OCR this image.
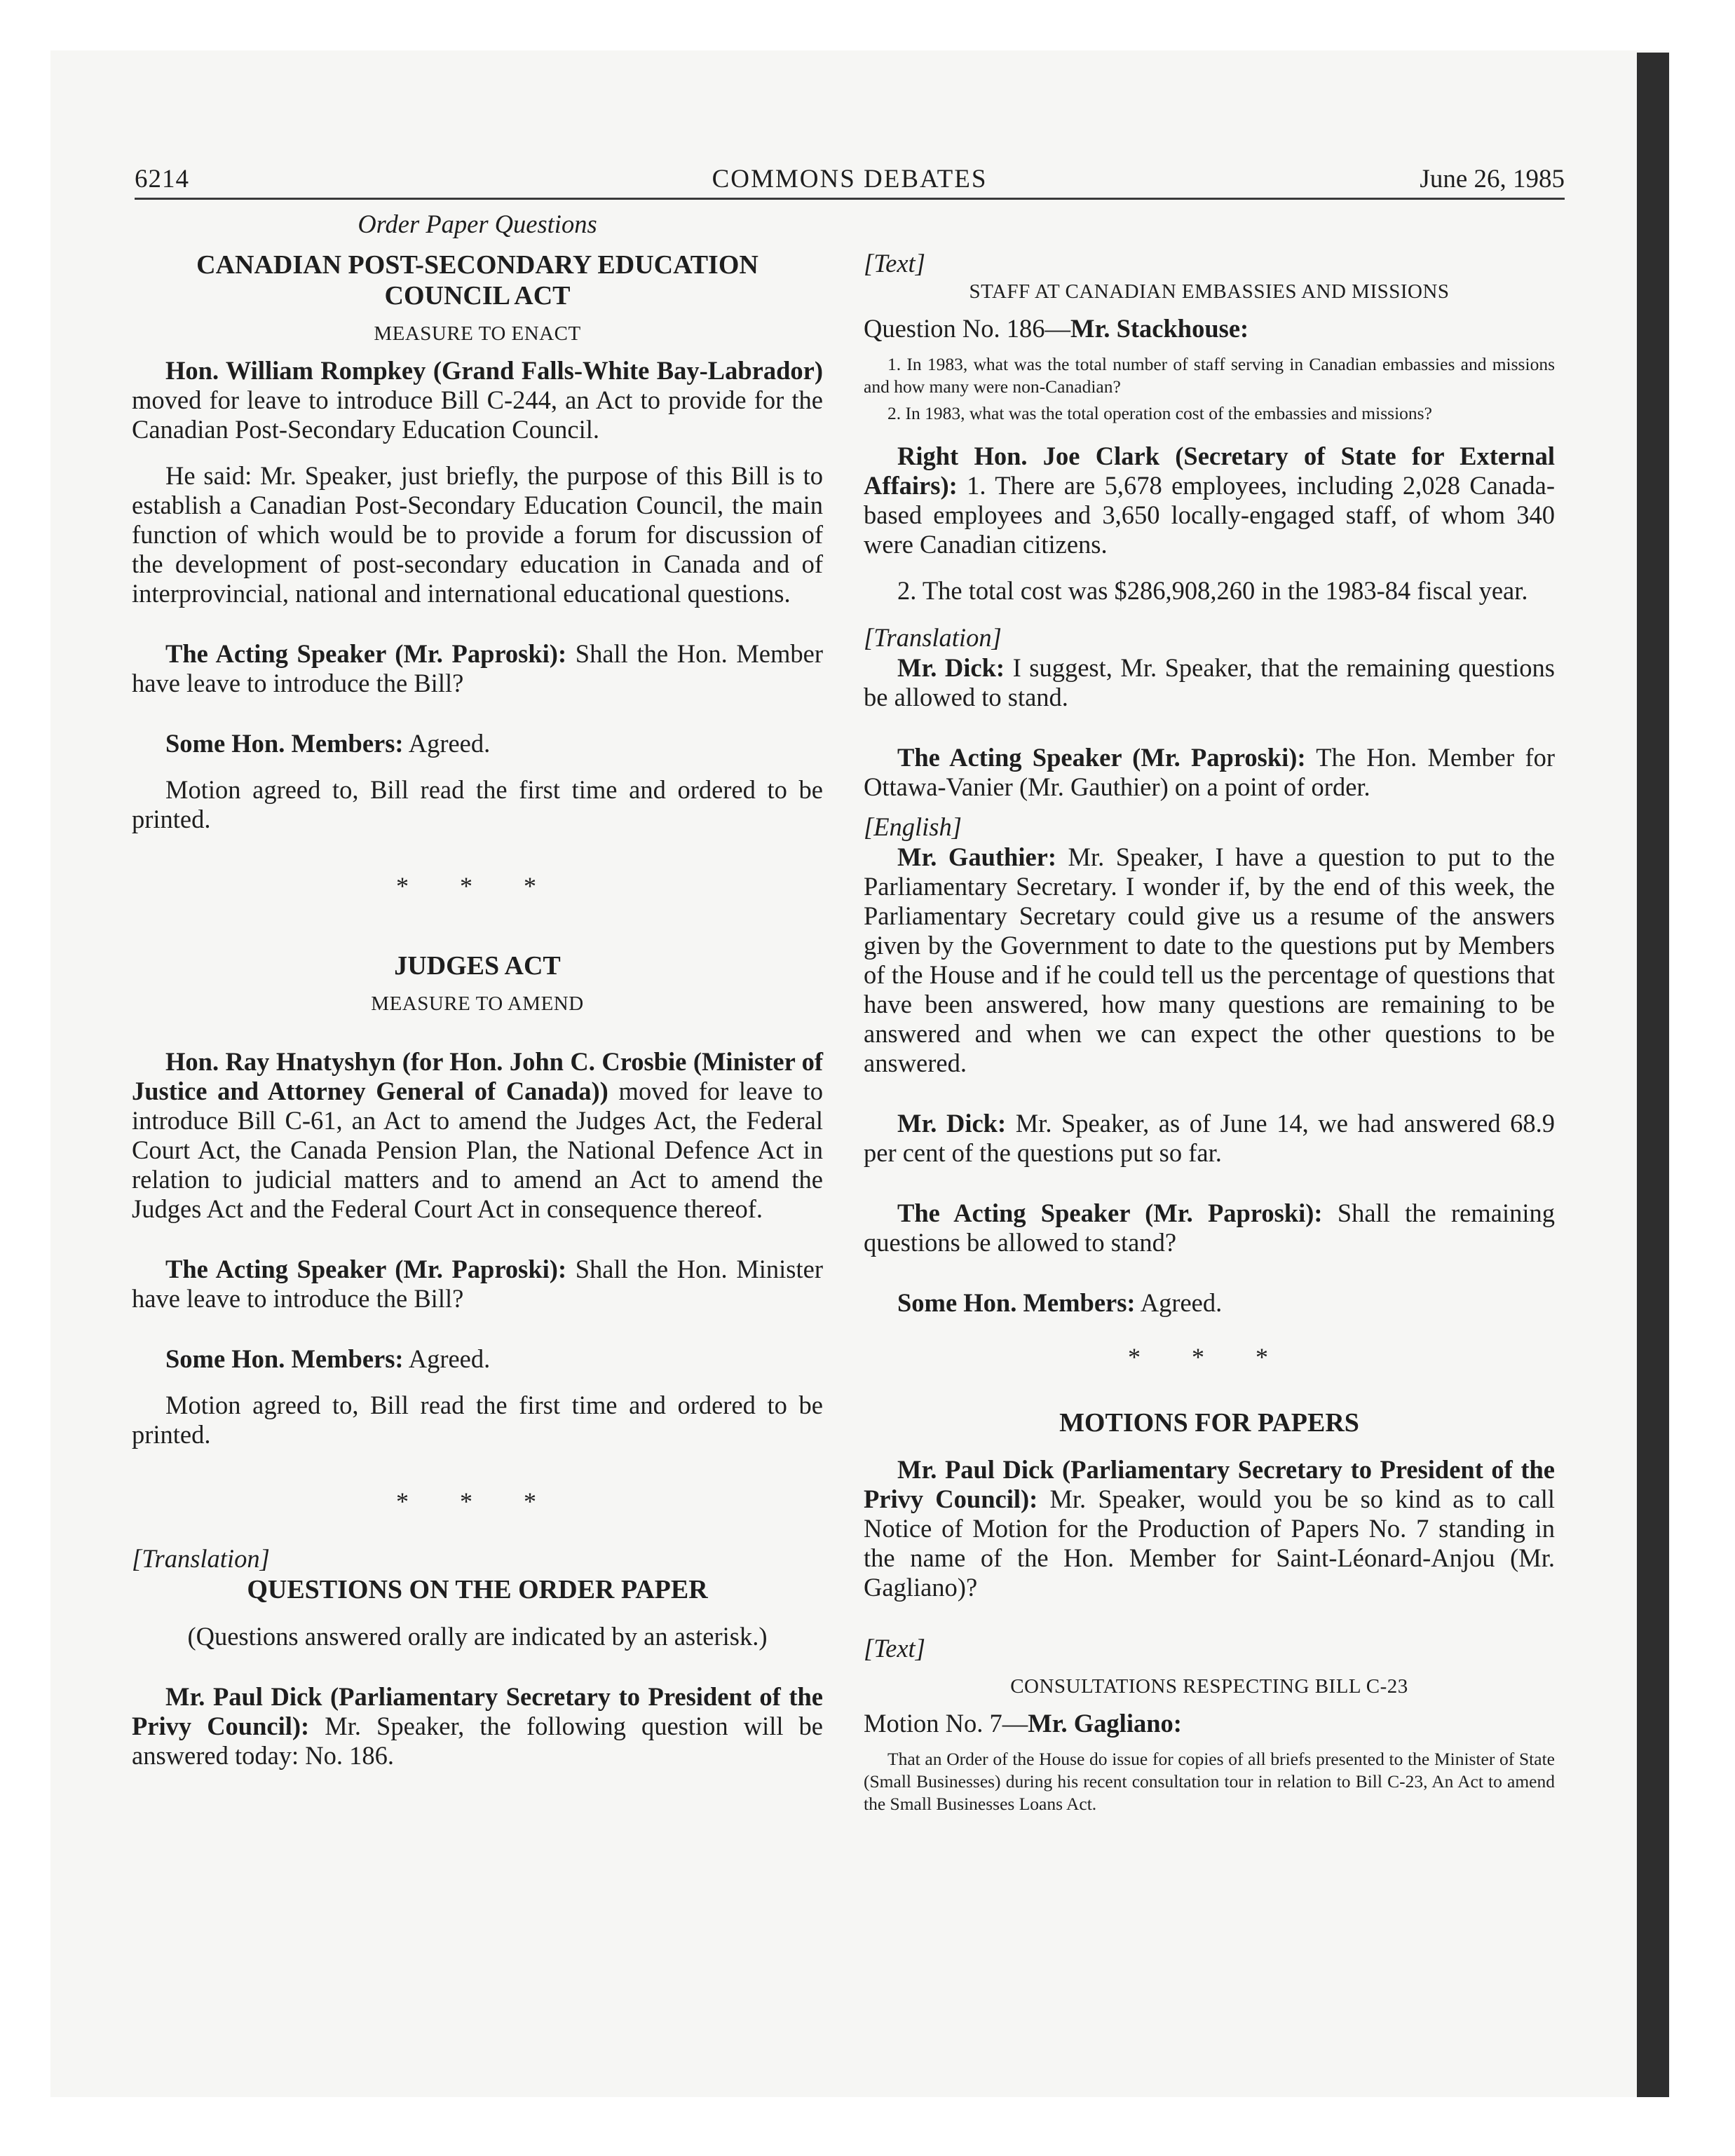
6214	COMMONS DEBATES	June 26, 1985

Order Paper Questions

CANADIAN POST-SECONDARY EDUCATION

COUNCIL ACT

MEASURE TO ENACT

Hon. William Rompkey (Grand Falls-White Bay-Labrador) moved for leave to introduce Bill C-244, an Act to provide for the Canadian Post-Secondary Education Council.

He said: Mr. Speaker, just briefly, the purpose of this Bill is to establish a Canadian Post-Secondary Education Council, the main function of which would be to provide a forum for discussion of the development of post-secondary education in Canada and of interprovincial, national and international educational questions.

The Acting Speaker (Mr. Paproski): Shall the Hon. Member have leave to introduce the Bill?

Some Hon. Members: Agreed.

Motion agreed to, Bill read the first time and ordered to be printed.

* * *

JUDGES ACT

MEASURE TO AMEND

Hon. Ray Hnatyshyn (for Hon. John C. Crosbie (Minister of Justice and Attorney General of Canada)) moved for leave to introduce Bill C-61, an Act to amend the Judges Act, the Federal Court Act, the Canada Pension Plan, the National Defence Act in relation to judicial matters and to amend an Act to amend the Judges Act and the Federal Court Act in consequence thereof.

The Acting Speaker (Mr. Paproski): Shall the Hon. Minister have leave to introduce the Bill?

Some Hon. Members: Agreed.

Motion agreed to, Bill read the first time and ordered to be printed.

* * *

[Translation]

QUESTIONS ON THE ORDER PAPER

(Questions answered orally are indicated by an asterisk.)

Mr. Paul Dick (Parliamentary Secretary to President of the Privy Council): Mr. Speaker, the following question will be answered today: No. 186.

[Text]

STAFF AT CANADIAN EMBASSIES AND MISSIONS

Question No. 186—Mr. Stackhouse:

1. In 1983, what was the total number of staff serving in Canadian embassies and missions and how many were non-Canadian?

2. In 1983, what was the total operation cost of the embassies and missions?

Right Hon. Joe Clark (Secretary of State for External Affairs): 1. There are 5,678 employees, including 2,028 Canada-based employees and 3,650 locally-engaged staff, of whom 340 were Canadian citizens.

2. The total cost was $286,908,260 in the 1983-84 fiscal year.

[Translation]

Mr. Dick: I suggest, Mr. Speaker, that the remaining questions be allowed to stand.

The Acting Speaker (Mr. Paproski): The Hon. Member for Ottawa-Vanier (Mr. Gauthier) on a point of order.

[English]

Mr. Gauthier: Mr. Speaker, I have a question to put to the Parliamentary Secretary. I wonder if, by the end of this week, the Parliamentary Secretary could give us a resume of the answers given by the Government to date to the questions put by Members of the House and if he could tell us the percentage of questions that have been answered, how many questions are remaining to be answered and when we can expect the other questions to be answered.

Mr. Dick: Mr. Speaker, as of June 14, we had answered 68.9 per cent of the questions put so far.

The Acting Speaker (Mr. Paproski): Shall the remaining questions be allowed to stand?

Some Hon. Members: Agreed.

* * *

MOTIONS FOR PAPERS

Mr. Paul Dick (Parliamentary Secretary to President of the Privy Council): Mr. Speaker, would you be so kind as to call Notice of Motion for the Production of Papers No. 7 standing in the name of the Hon. Member for Saint-Léonard-Anjou (Mr. Gagliano)?

[Text]

CONSULTATIONS RESPECTING BILL C-23

Motion No. 7—Mr. Gagliano:

That an Order of the House do issue for copies of all briefs presented to the Minister of State (Small Businesses) during his recent consultation tour in relation to Bill C-23, An Act to amend the Small Businesses Loans Act.
